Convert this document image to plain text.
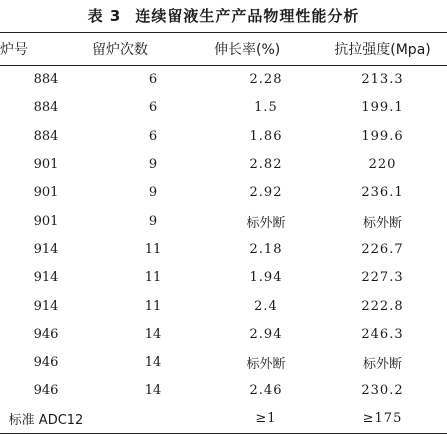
表 3 连续留液生产产品物理性能分析
炉号	留炉次数	伸长率(%)	抗拉强度(Mpa)
884	6	2.28	213.3
884	6	1.5	199.1
884	6	1.86	199.6
901	9	2.82	220
901	9	2.92	236.1
901	9	标外断	标外断
914	11	2.18	226.7
914	11	1.94	227.3
914	11	2.4	222.8
946	14	2.94	246.3
946	14	标外断	标外断
946	14	2.46	230.2
标准 ADC12		≥1	≥175
